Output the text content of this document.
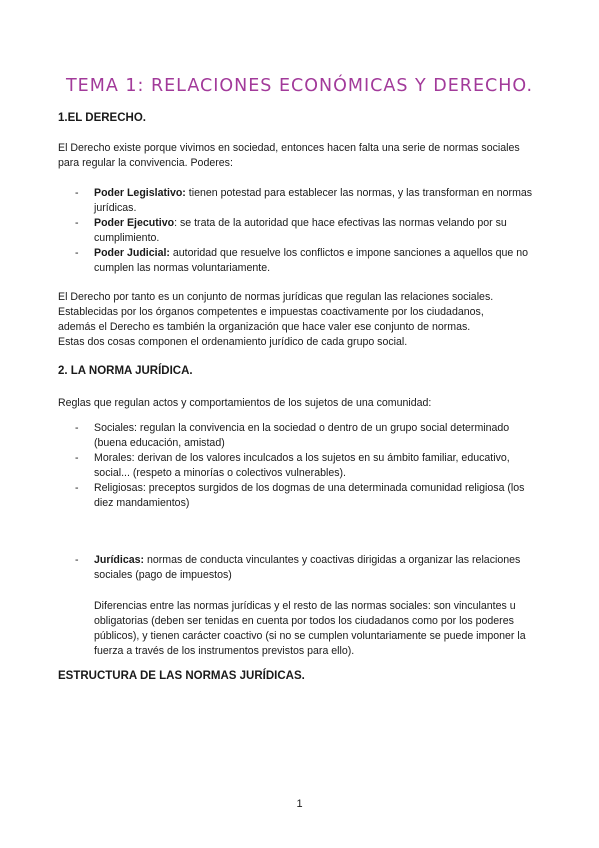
TEMA 1: RELACIONES ECONÓMICAS Y DERECHO.
1.EL DERECHO.

El Derecho existe porque vivimos en sociedad, entonces hacen falta una serie de normas sociales
para regular la convivencia. Poderes:

- Poder Legislativo: tienen potestad para establecer las normas, y las transforman en normas jurídicas.
- Poder Ejecutivo: se trata de la autoridad que hace efectivas las normas velando por su cumplimiento.
- Poder Judicial: autoridad que resuelve los conflictos e impone sanciones a aquellos que no cumplen las normas voluntariamente.

El Derecho por tanto es un conjunto de normas jurídicas que regulan las relaciones sociales.
Establecidas por los órganos competentes e impuestas coactivamente por los ciudadanos,
además el Derecho es también la organización que hace valer ese conjunto de normas.
Estas dos cosas componen el ordenamiento jurídico de cada grupo social.

2. LA NORMA JURÍDICA.

Reglas que regulan actos y comportamientos de los sujetos de una comunidad:

- Sociales: regulan la convivencia en la sociedad o dentro de un grupo social determinado (buena educación, amistad)
- Morales: derivan de los valores inculcados a los sujetos en su ámbito familiar, educativo, social... (respeto a minorías o colectivos vulnerables).
- Religiosas: preceptos surgidos de los dogmas de una determinada comunidad religiosa (los diez mandamientos)
- Jurídicas: normas de conducta vinculantes y coactivas dirigidas a organizar las relaciones sociales (pago de impuestos)

Diferencias entre las normas jurídicas y el resto de las normas sociales: son vinculantes u obligatorias (deben ser tenidas en cuenta por todos los ciudadanos como por los poderes públicos), y tienen carácter coactivo (si no se cumplen voluntariamente se puede imponer la fuerza a través de los instrumentos previstos para ello).

ESTRUCTURA DE LAS NORMAS JURÍDICAS.
1
